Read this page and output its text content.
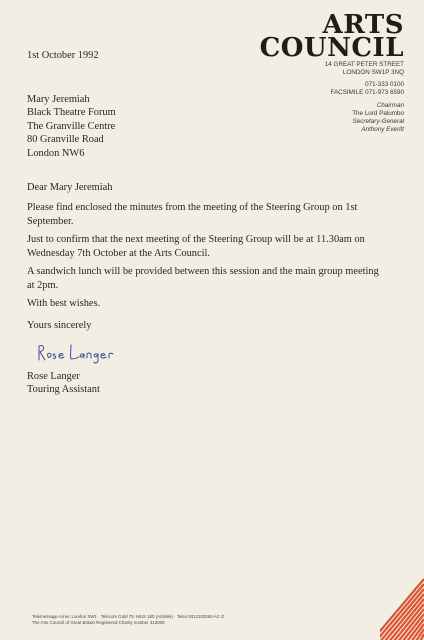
ARTS
COUNCIL
14 GREAT PETER STREET
LONDON SW1P 3NQ
071-333 0100
FACSIMILE 071-973 6590
Chairman
The Lord Palumbo
Secretary-General
Anthony Everitt
1st October 1992
Mary Jeremiah
Black Theatre Forum
The Granville Centre
80 Granville Road
London NW6
Dear Mary Jeremiah
Please find enclosed the minutes from the meeting of the Steering Group on 1st September.
Just to confirm that the next meeting of the Steering Group will be at 11.30am on Wednesday 7th October at the Arts Council.
A sandwich lunch will be provided between this session and the main group meeting at 2pm.
With best wishes.
Yours sincerely
Rose Langer
Touring Assistant
Telemessage Arnec London SW1 · Telecom Gold 75: MUS 180 (Artslink) · Telex 9312102069 AC G
The Arts Council of Great Britain Registered Charity number 313039
